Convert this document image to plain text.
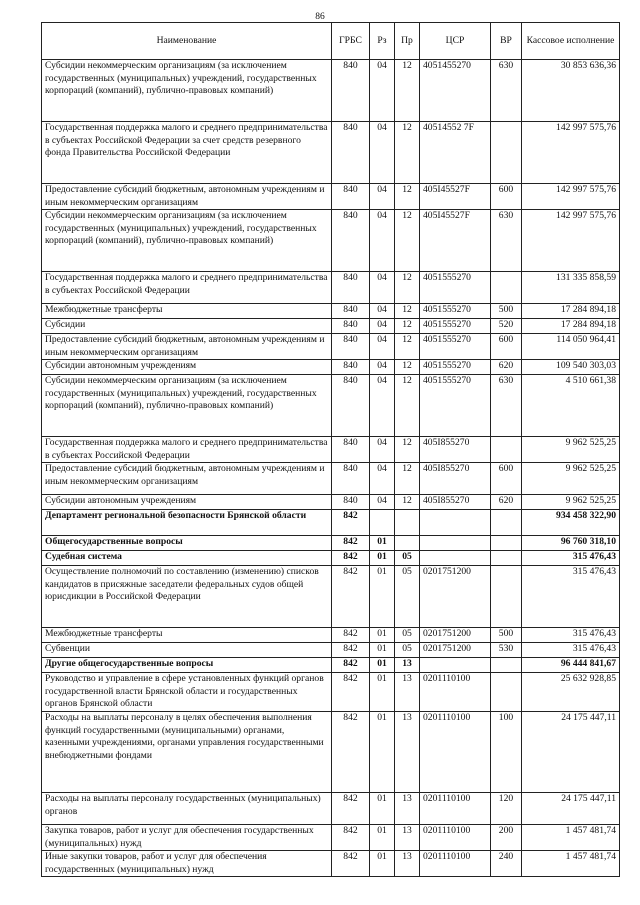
86
Наименование	ГРБС	Рз	Пр	ЦСР	ВР	Кассовое исполнение
Субсидии некоммерческим организациям (за исключением государственных (муниципальных) учреждений, государственных корпораций (компаний), публично-правовых компаний)	840	04	12	4051455270	630	30 853 636,36
Государственная поддержка малого и среднего предпринимательства в субъектах Российской Федерации за счет средств резервного фонда Правительства Российской Федерации	840	04	12	40514552 7F		142 997 575,76
Предоставление субсидий бюджетным, автономным учреждениям и иным некоммерческим организациям	840	04	12	405I45527F	600	142 997 575,76
Субсидии некоммерческим организациям (за исключением государственных (муниципальных) учреждений, государственных корпораций (компаний), публично-правовых компаний)	840	04	12	405I45527F	630	142 997 575,76
Государственная поддержка малого и среднего предпринимательства в субъектах Российской Федерации	840	04	12	4051555270		131 335 858,59
Межбюджетные трансферты	840	04	12	4051555270	500	17 284 894,18
Субсидии	840	04	12	4051555270	520	17 284 894,18
Предоставление субсидий бюджетным, автономным учреждениям и иным некоммерческим организациям	840	04	12	4051555270	600	114 050 964,41
Субсидии автономным учреждениям	840	04	12	4051555270	620	109 540 303,03
Субсидии некоммерческим организациям (за исключением государственных (муниципальных) учреждений, государственных корпораций (компаний), публично-правовых компаний)	840	04	12	4051555270	630	4 510 661,38
Государственная поддержка малого и среднего предпринимательства в субъектах Российской Федерации	840	04	12	405I855270		9 962 525,25
Предоставление субсидий бюджетным, автономным учреждениям и иным некоммерческим организациям	840	04	12	405I855270	600	9 962 525,25
Субсидии автономным учреждениям	840	04	12	405I855270	620	9 962 525,25
Департамент региональной безопасности Брянской области	842					934 458 322,90
Общегосударственные вопросы	842	01				96 760 318,10
Судебная система	842	01	05			315 476,43
Осуществление полномочий по составлению (изменению) списков кандидатов в присяжные заседатели федеральных судов общей юрисдикции в Российской Федерации	842	01	05	0201751200		315 476,43
Межбюджетные трансферты	842	01	05	0201751200	500	315 476,43
Субвенции	842	01	05	0201751200	530	315 476,43
Другие общегосударственные вопросы	842	01	13			96 444 841,67
Руководство и управление в сфере установленных функций органов государственной власти Брянской области и государственных органов Брянской области	842	01	13	0201110100		25 632 928,85
Расходы на выплаты персоналу в целях обеспечения выполнения функций государственными (муниципальными) органами, казенными учреждениями, органами управления государственными внебюджетными фондами	842	01	13	0201110100	100	24 175 447,11
Расходы на выплаты персоналу государственных (муниципальных) органов	842	01	13	0201110100	120	24 175 447,11
Закупка товаров, работ и услуг для обеспечения государственных (муниципальных) нужд	842	01	13	0201110100	200	1 457 481,74
Иные закупки товаров, работ и услуг для обеспечения государственных (муниципальных) нужд	842	01	13	0201110100	240	1 457 481,74
